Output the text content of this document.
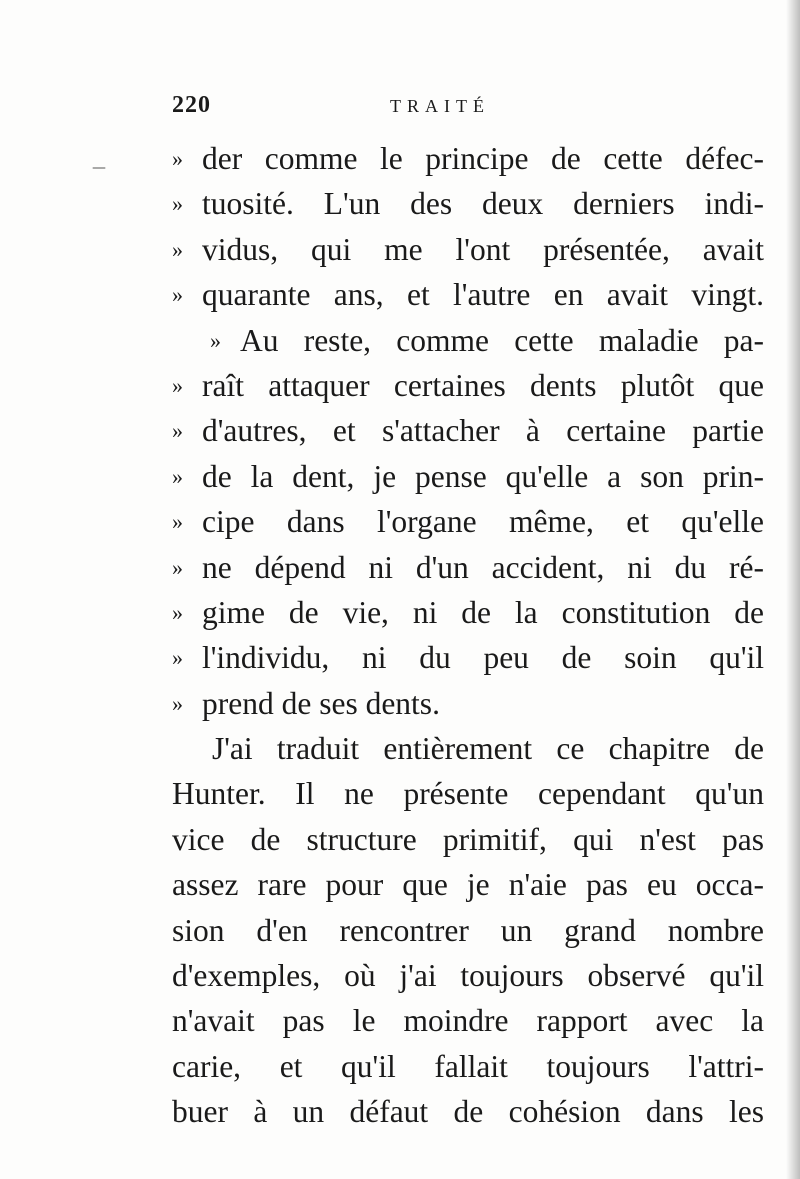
220	TRAITÉ
—	» der comme le principe de cette défec-
» tuosité. L'un des deux derniers indi-
» vidus, qui me l'ont présentée, avait
» quarante ans, et l'autre en avait vingt.
» Au reste, comme cette maladie pa-
» raît attaquer certaines dents plutôt que
» d'autres, et s'attacher à certaine partie
» de la dent, je pense qu'elle a son prin-
» cipe dans l'organe même, et qu'elle
» ne dépend ni d'un accident, ni du ré-
» gime de vie, ni de la constitution de
» l'individu, ni du peu de soin qu'il
» prend de ses dents.
J'ai traduit entièrement ce chapitre de
Hunter. Il ne présente cependant qu'un
vice de structure primitif, qui n'est pas
assez rare pour que je n'aie pas eu occa-
sion d'en rencontrer un grand nombre
d'exemples, où j'ai toujours observé qu'il
n'avait pas le moindre rapport avec la
carie, et qu'il fallait toujours l'attri-
buer à un défaut de cohésion dans les
